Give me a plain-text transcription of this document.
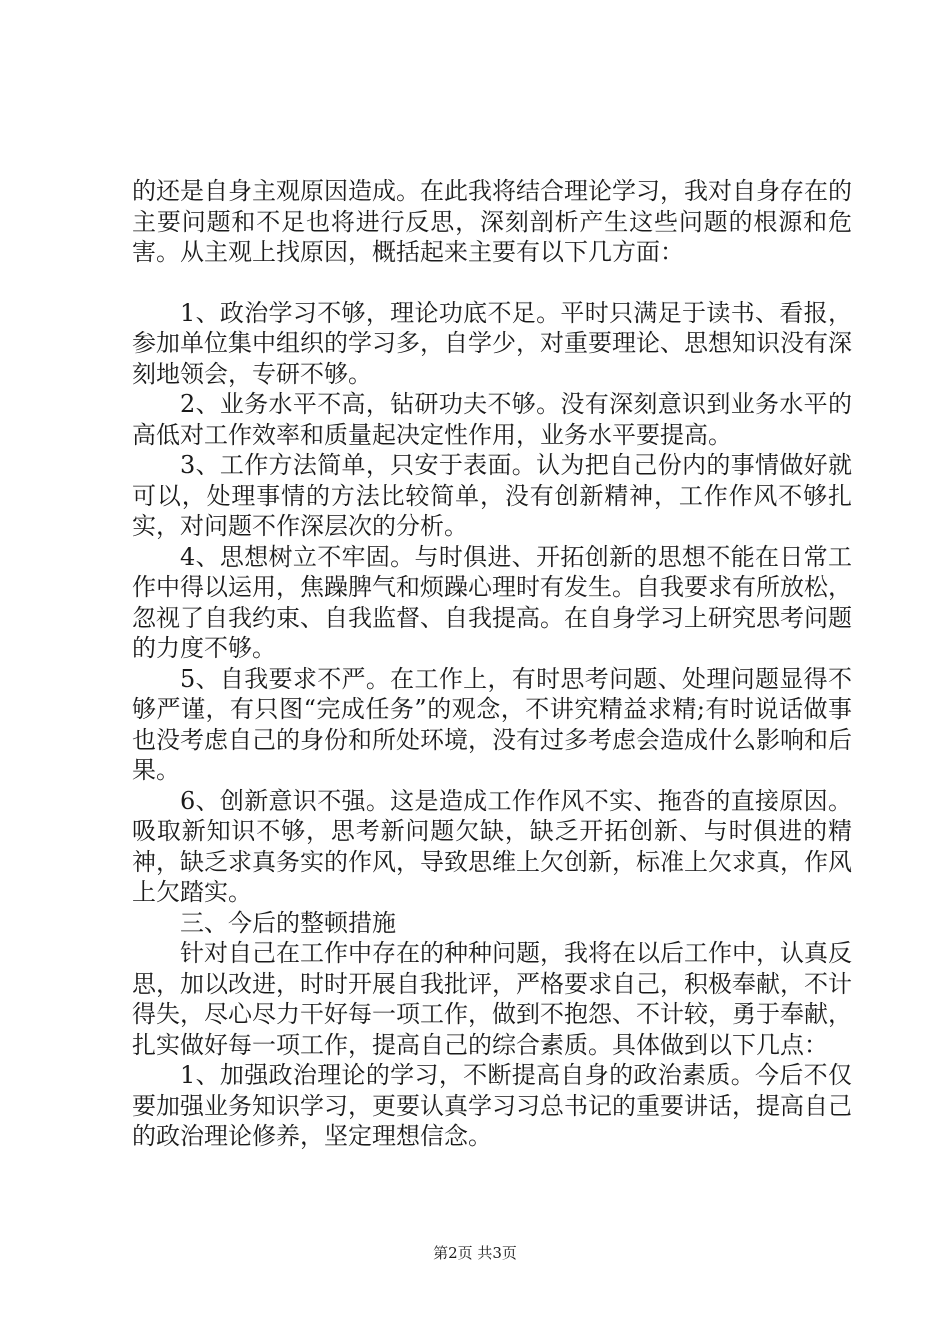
的还是自身主观原因造成。在此我将结合理论学习，我对自身存在的主要问题和不足也将进行反思，深刻剖析产生这些问题的根源和危害。从主观上找原因，概括起来主要有以下几方面：

1、政治学习不够，理论功底不足。平时只满足于读书、看报，参加单位集中组织的学习多，自学少，对重要理论、思想知识没有深刻地领会，专研不够。

2、业务水平不高，钻研功夫不够。没有深刻意识到业务水平的高低对工作效率和质量起决定性作用，业务水平要提高。

3、工作方法简单，只安于表面。认为把自己份内的事情做好就可以，处理事情的方法比较简单，没有创新精神，工作作风不够扎实，对问题不作深层次的分析。

4、思想树立不牢固。与时俱进、开拓创新的思想不能在日常工作中得以运用，焦躁脾气和烦躁心理时有发生。自我要求有所放松，忽视了自我约束、自我监督、自我提高。在自身学习上研究思考问题的力度不够。

5、自我要求不严。在工作上，有时思考问题、处理问题显得不够严谨，有只图“完成任务”的观念，不讲究精益求精;有时说话做事也没考虑自己的身份和所处环境，没有过多考虑会造成什么影响和后果。

6、创新意识不强。这是造成工作作风不实、拖沓的直接原因。吸取新知识不够，思考新问题欠缺，缺乏开拓创新、与时俱进的精神，缺乏求真务实的作风，导致思维上欠创新，标准上欠求真，作风上欠踏实。

三、今后的整顿措施

针对自己在工作中存在的种种问题，我将在以后工作中，认真反思，加以改进，时时开展自我批评，严格要求自己，积极奉献，不计得失，尽心尽力干好每一项工作，做到不抱怨、不计较，勇于奉献，扎实做好每一项工作，提高自己的综合素质。具体做到以下几点：

1、加强政治理论的学习，不断提高自身的政治素质。今后不仅要加强业务知识学习，更要认真学习习总书记的重要讲话，提高自己的政治理论修养，坚定理想信念。

第2页 共3页
